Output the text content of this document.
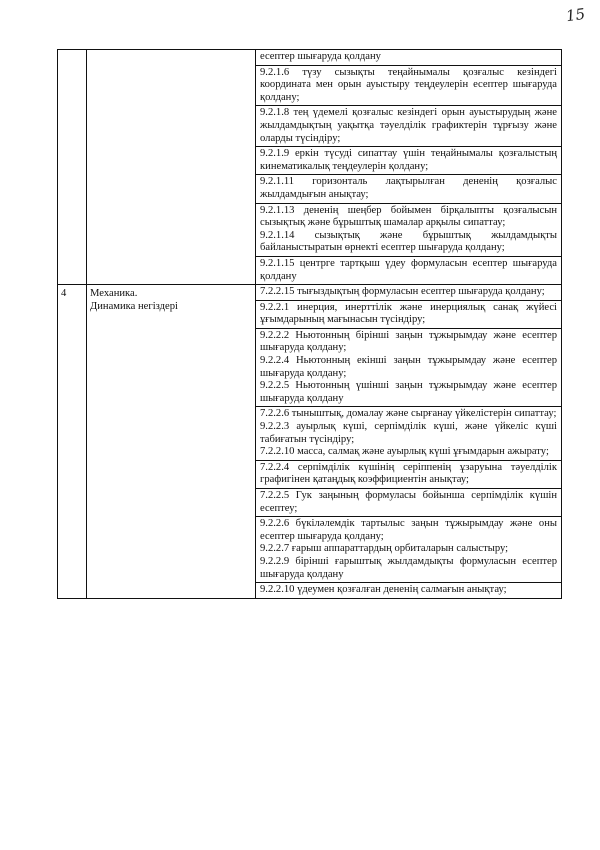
15

		есептер шығаруда қолдану

		9.2.1.6 түзу сызықты теңайнымалы қозғалыс кезіндегі координата мен орын ауыстыру теңдеулерін есептер шығаруда қолдану;

		9.2.1.8 тең үдемелі қозғалыс кезіндегі орын ауыстырудың және жылдамдықтың уақытқа тәуелділік графиктерін тұрғызу және оларды түсіндіру;

		9.2.1.9 еркін түсуді сипаттау үшін теңайнымалы қозғалыстың кинематикалық теңдеулерін қолдану;

		9.2.1.11 горизонталь лақтырылған дененің қозғалыс жылдамдығын анықтау;

		9.2.1.13 дененің шеңбер бойымен бірқалыпты қозғалысын сызықтық және бұрыштық шамалар арқылы сипаттау;
9.2.1.14 сызықтық және бұрыштық жылдамдықты байланыстыратын өрнекті есептер шығаруда қолдану;

		9.2.1.15 центрге тартқыш үдеу формуласын есептер шығаруда қолдану

4	Механика.
Динамика негіздері	7.2.2.15 тығыздықтың формуласын есептер шығаруда қолдану;

		9.2.2.1 инерция, инерттілік және инерциялық санақ жүйесі ұғымдарының мағынасын түсіндіру;

		9.2.2.2 Ньютонның бірінші заңын тұжырымдау және есептер шығаруда қолдану;
9.2.2.4 Ньютонның екінші заңын тұжырымдау және есептер шығаруда қолдану;
9.2.2.5 Ньютонның үшінші заңын тұжырымдау және есептер шығаруда қолдану

		7.2.2.6 тыныштық, домалау және сырғанау үйкелістерін сипаттау;
9.2.2.3 ауырлық күші, серпімділік күші, және үйкеліс күші табиғатын түсіндіру;
7.2.2.10 масса, салмақ және ауырлық күші ұғымдарын ажырату;

		7.2.2.4 серпімділік күшінің серіппенің ұзаруына тәуелділік графигінен қатаңдық коэффициентін анықтау;

		7.2.2.5 Гук заңының формуласы бойынша серпімділік күшін есептеу;

		9.2.2.6 бүкіләлемдік тартылыс заңын тұжырымдау және оны есептер шығаруда қолдану;
9.2.2.7 ғарыш аппараттардың орбиталарын салыстыру;
9.2.2.9 бірінші ғарыштық жылдамдықты формуласын есептер шығаруда қолдану

		9.2.2.10 үдеумен қозғалған дененің салмағын анықтау;
